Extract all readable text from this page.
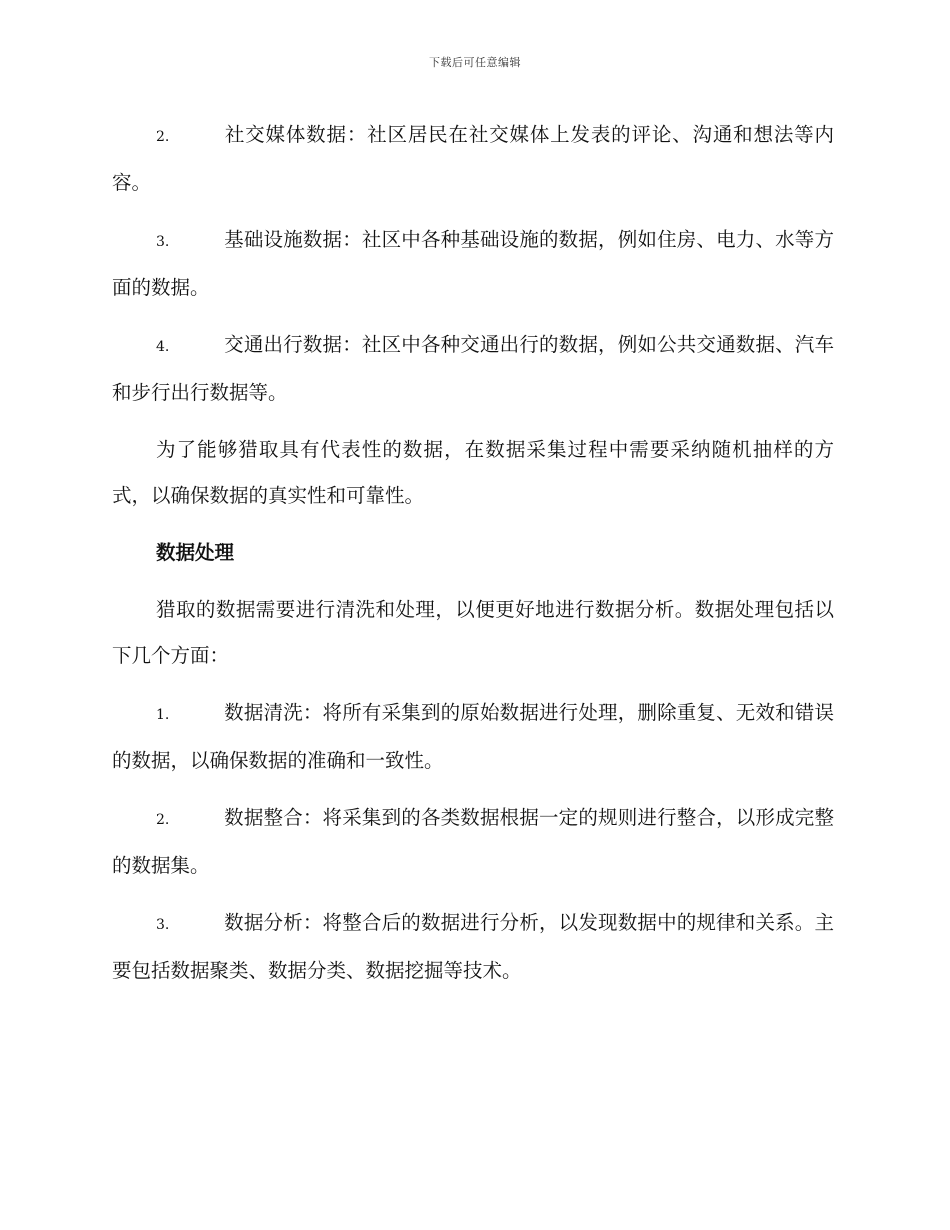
下载后可任意编辑

2.	社交媒体数据：社区居民在社交媒体上发表的评论、沟通和想法等内容。

3.	基础设施数据：社区中各种基础设施的数据，例如住房、电力、水等方面的数据。

4.	交通出行数据：社区中各种交通出行的数据，例如公共交通数据、汽车和步行出行数据等。

为了能够猎取具有代表性的数据，在数据采集过程中需要采纳随机抽样的方式，以确保数据的真实性和可靠性。

数据处理

猎取的数据需要进行清洗和处理，以便更好地进行数据分析。数据处理包括以下几个方面：

1.	数据清洗：将所有采集到的原始数据进行处理，删除重复、无效和错误的数据，以确保数据的准确和一致性。

2.	数据整合：将采集到的各类数据根据一定的规则进行整合，以形成完整的数据集。

3.	数据分析：将整合后的数据进行分析，以发现数据中的规律和关系。主要包括数据聚类、数据分类、数据挖掘等技术。
